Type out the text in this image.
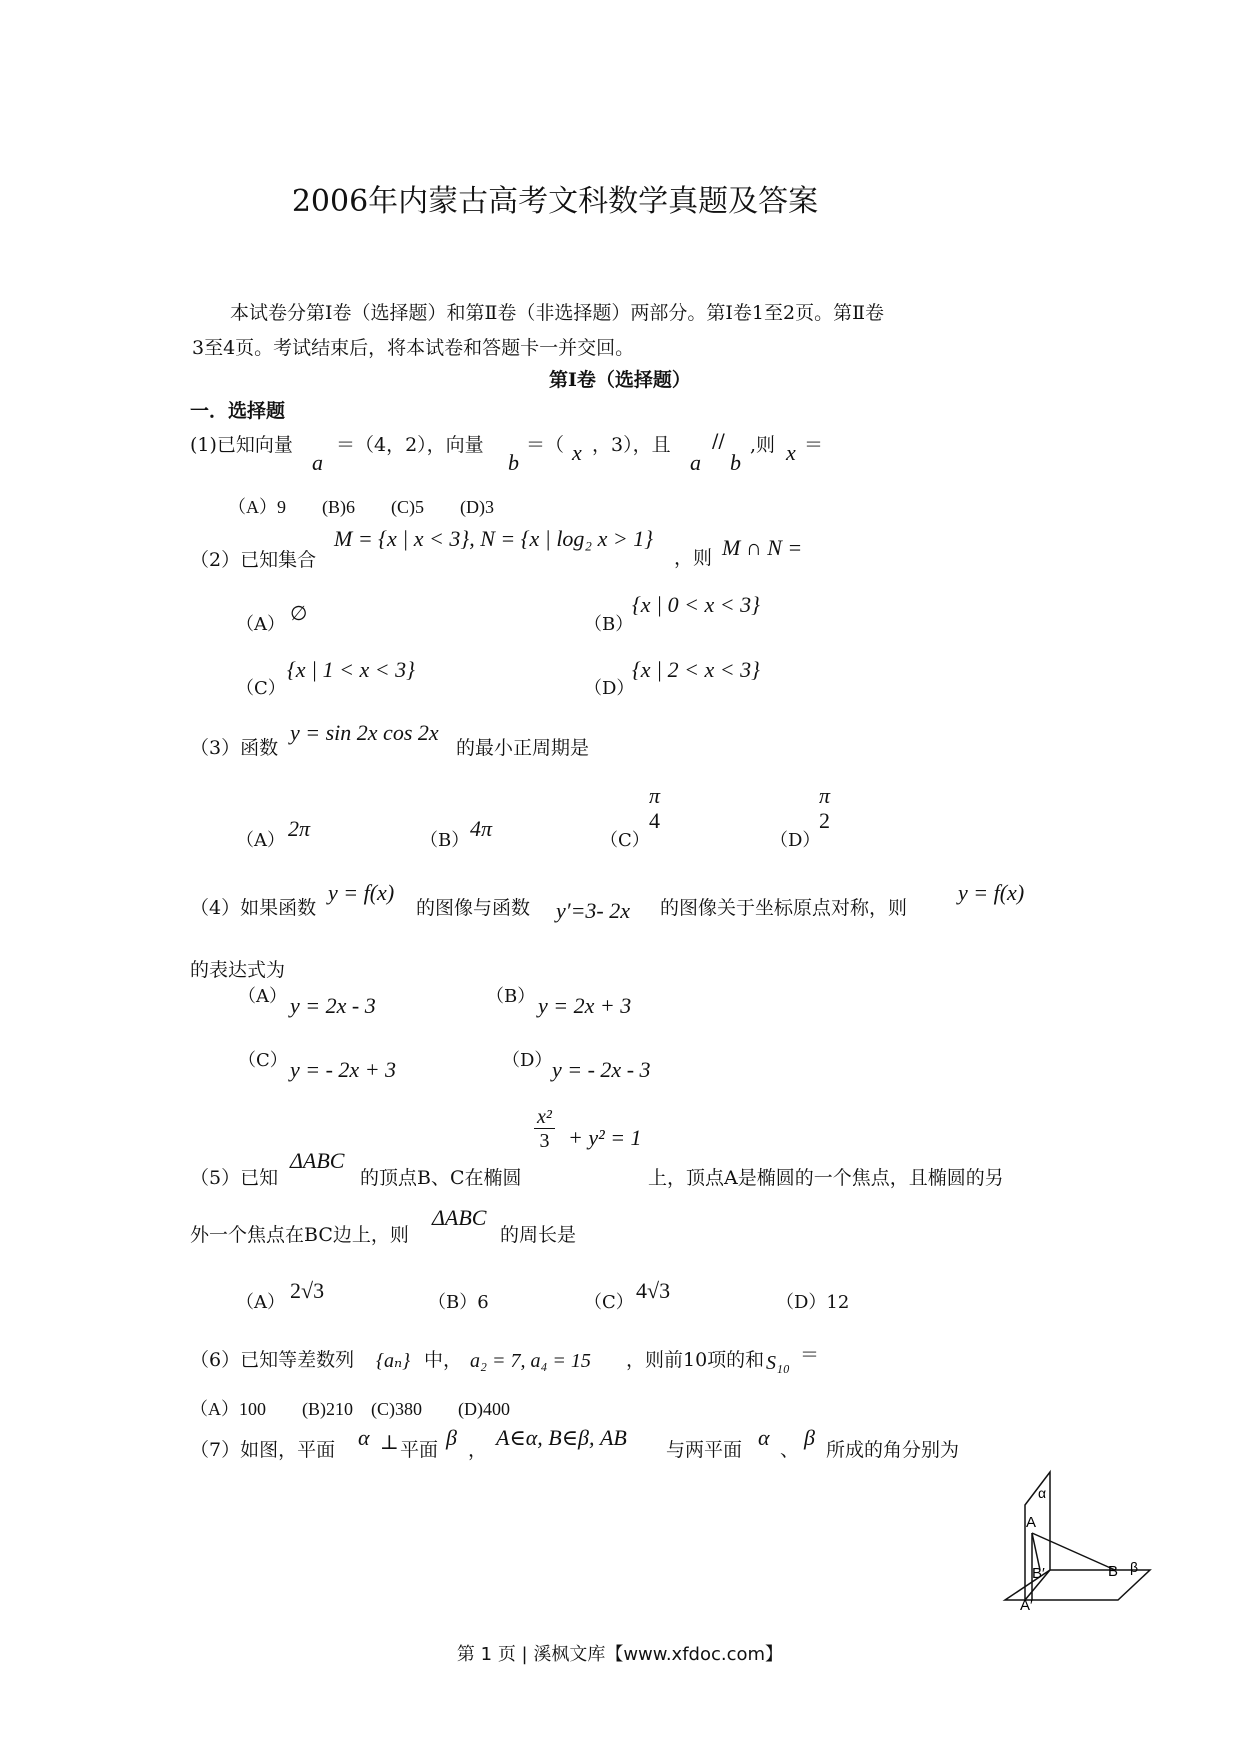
2006年内蒙古高考文科数学真题及答案
本试卷分第Ⅰ卷（选择题）和第Ⅱ卷（非选择题）两部分。第Ⅰ卷1至2页。第Ⅱ卷
3至4页。考试结束后，将本试卷和答题卡一并交回。
第Ⅰ卷（选择题）
一．选择题
(1)已知向量
a
＝（4，2），向量
b
＝（ x ，3），且
a
//
b
,则 x ＝
（A）9　　(B)6　　(C)5　　(D)3
（2）已知集合
M = {x | x < 3}, N = {x | log₂ x > 1}
，则 M ∩ N =
（A） ∅	（B）
{x | 0 < x < 3}
（C）
{x | 1 < x < 3}
（D）
{x | 2 < x < 3}
（3）函数
y = sin 2x cos 2x
的最小正周期是
（A） 2π	（B） 4π	（C）
π
4
（D）
π
2
（4）如果函数
y = f(x)
的图像与函数 y′=3- 2x 的图像关于坐标原点对称，则
y = f(x)
的表达式为
（A） y = 2x - 3	（B） y = 2x + 3
（C） y = - 2x + 3	（D） y = - 2x - 3
（5）已知
ΔABC
的顶点B、C在椭圆
$\frac{\text{x²}}{3} + y^2 = 1$
上，顶点A是椭圆的一个焦点，且椭圆的另
外一个焦点在BC边上，则
ΔABC
的周长是
（A） 2√3	（B）6	（C） 4√3	（D）12
（6）已知等差数列 {aₙ} 中， a₂ = 7, a₄ = 15 ，则前10项的和 S₁₀ ＝
（A）100　　(B)210　(C)380　　(D)400
（7）如图，平面 α ⊥ 平面 β ， A∈α, B∈β, AB 与两平面 α 、 β 所成的角分别为
α
β
A
B
B′
A′
第 1 页 | 溪枫文库【www.xfdoc.com】
